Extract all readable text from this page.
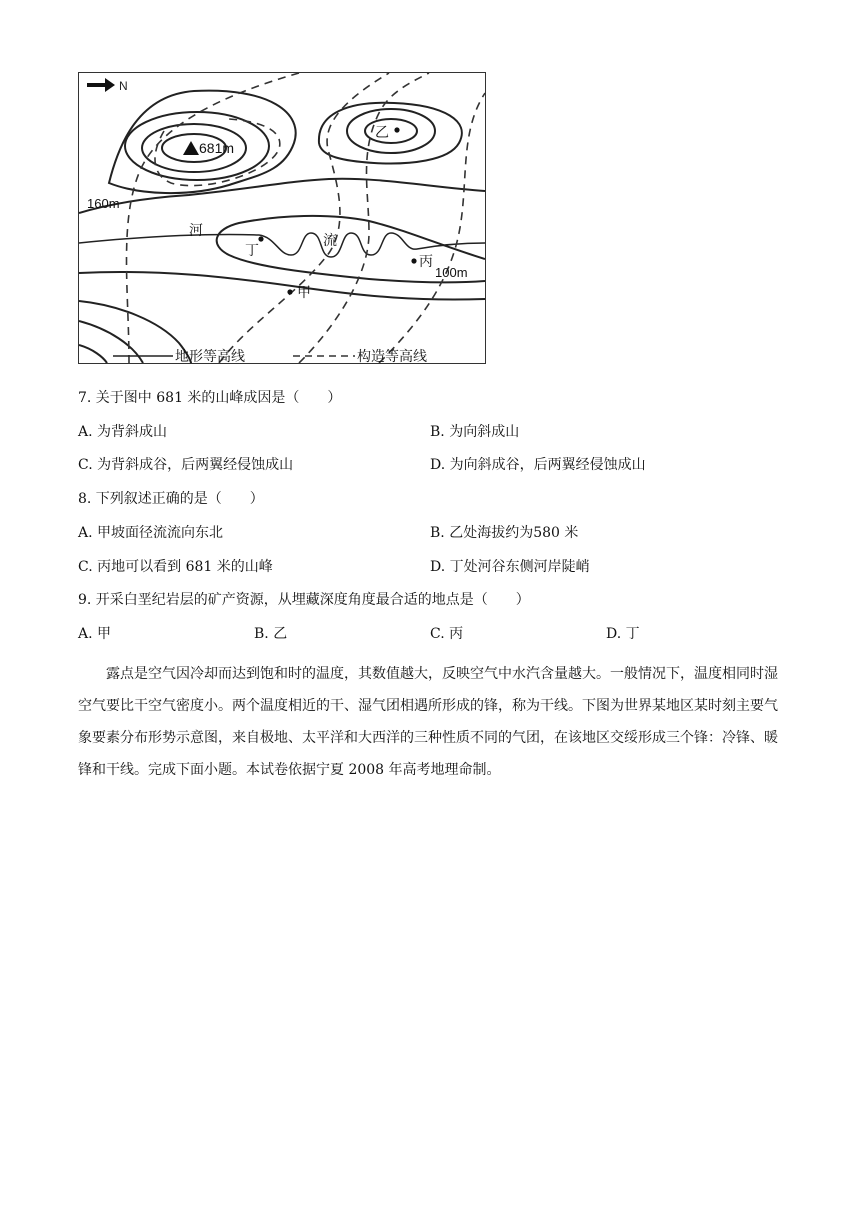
N
681m
160m
100m
河
流
丁
丙
甲
乙
地形等高线	构造等高线
7. 关于图中 681 米的山峰成因是（　　）
A. 为背斜成山	B. 为向斜成山
C. 为背斜成谷，后两翼经侵蚀成山	D. 为向斜成谷，后两翼经侵蚀成山
8. 下列叙述正确的是（　　）
A. 甲坡面径流流向东北	B. 乙处海拔约为580 米
C. 丙地可以看到 681 米的山峰	D. 丁处河谷东侧河岸陡峭
9. 开采白垩纪岩层的矿产资源，从埋藏深度角度最合适的地点是（　　）
A. 甲	B. 乙	C. 丙	D. 丁
露点是空气因冷却而达到饱和时的温度，其数值越大，反映空气中水汽含量越大。一般情况下，温度相同时湿空气要比干空气密度小。两个温度相近的干、湿气团相遇所形成的锋，称为干线。下图为世界某地区某时刻主要气象要素分布形势示意图，来自极地、太平洋和大西洋的三种性质不同的气团，在该地区交绥形成三个锋：冷锋、暖锋和干线。完成下面小题。本试卷依据宁夏 2008 年高考地理命制。
